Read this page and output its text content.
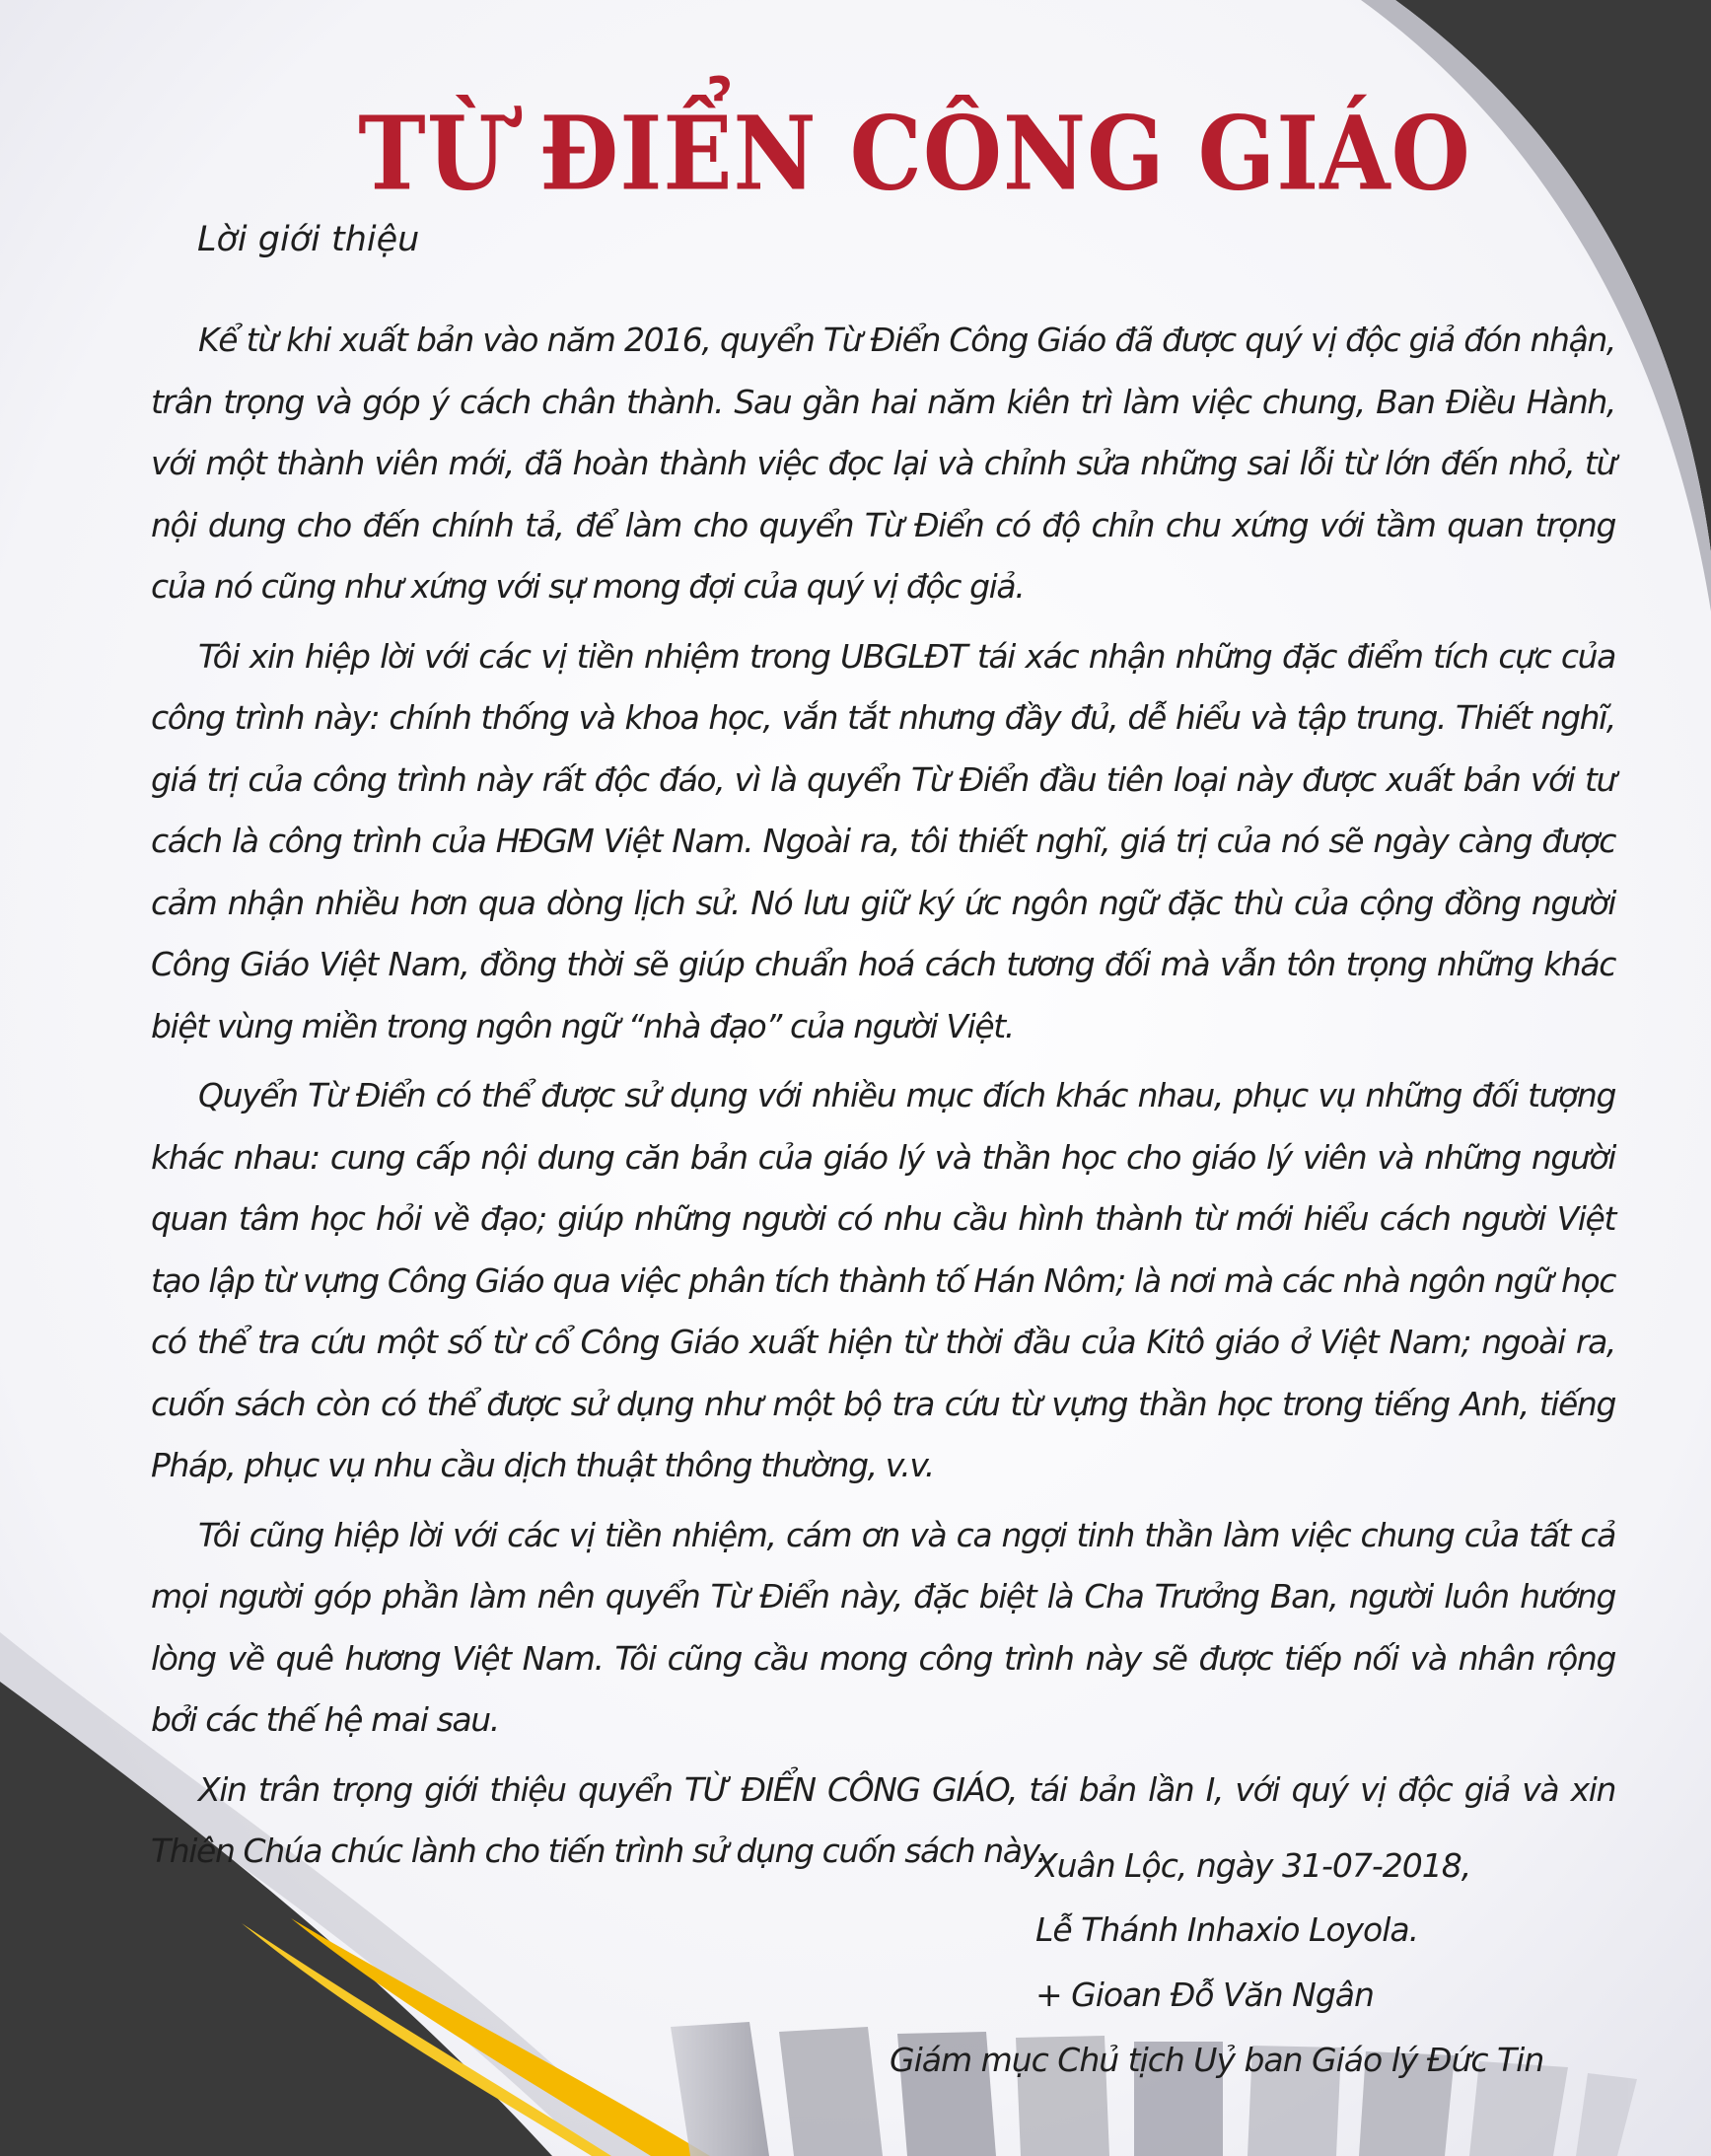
TỪ ĐIỂN CÔNG GIÁO
Lời giới thiệu

Kể từ khi xuất bản vào năm 2016, quyển Từ Điển Công Giáo đã được quý vị độc giả đón nhận, trân trọng và góp ý cách chân thành. Sau gần hai năm kiên trì làm việc chung, Ban Điều Hành, với một thành viên mới, đã hoàn thành việc đọc lại và chỉnh sửa những sai lỗi từ lớn đến nhỏ, từ nội dung cho đến chính tả, để làm cho quyển Từ Điển có độ chỉn chu xứng với tầm quan trọng của nó cũng như xứng với sự mong đợi của quý vị độc giả.

Tôi xin hiệp lời với các vị tiền nhiệm trong UBGLĐT tái xác nhận những đặc điểm tích cực của công trình này: chính thống và khoa học, vắn tắt nhưng đầy đủ, dễ hiểu và tập trung. Thiết nghĩ, giá trị của công trình này rất độc đáo, vì là quyển Từ Điển đầu tiên loại này được xuất bản với tư cách là công trình của HĐGM Việt Nam. Ngoài ra, tôi thiết nghĩ, giá trị của nó sẽ ngày càng được cảm nhận nhiều hơn qua dòng lịch sử. Nó lưu giữ ký ức ngôn ngữ đặc thù của cộng đồng người Công Giáo Việt Nam, đồng thời sẽ giúp chuẩn hoá cách tương đối mà vẫn tôn trọng những khác biệt vùng miền trong ngôn ngữ “nhà đạo” của người Việt.

Quyển Từ Điển có thể được sử dụng với nhiều mục đích khác nhau, phục vụ những đối tượng khác nhau: cung cấp nội dung căn bản của giáo lý và thần học cho giáo lý viên và những người quan tâm học hỏi về đạo; giúp những người có nhu cầu hình thành từ mới hiểu cách người Việt tạo lập từ vựng Công Giáo qua việc phân tích thành tố Hán Nôm; là nơi mà các nhà ngôn ngữ học có thể tra cứu một số từ cổ Công Giáo xuất hiện từ thời đầu của Kitô giáo ở Việt Nam; ngoài ra, cuốn sách còn có thể được sử dụng như một bộ tra cứu từ vựng thần học trong tiếng Anh, tiếng Pháp, phục vụ nhu cầu dịch thuật thông thường, v.v.

Tôi cũng hiệp lời với các vị tiền nhiệm, cám ơn và ca ngợi tinh thần làm việc chung của tất cả mọi người góp phần làm nên quyển Từ Điển này, đặc biệt là Cha Trưởng Ban, người luôn hướng lòng về quê hương Việt Nam. Tôi cũng cầu mong công trình này sẽ được tiếp nối và nhân rộng bởi các thế hệ mai sau.

Xin trân trọng giới thiệu quyển TỪ ĐIỂN CÔNG GIÁO, tái bản lần I, với quý vị độc giả và xin Thiên Chúa chúc lành cho tiến trình sử dụng cuốn sách này.

Xuân Lộc, ngày 31-07-2018,
Lễ Thánh Inhaxio Loyola.
+ Gioan Đỗ Văn Ngân
Giám mục Chủ tịch Uỷ ban Giáo lý Đức Tin
